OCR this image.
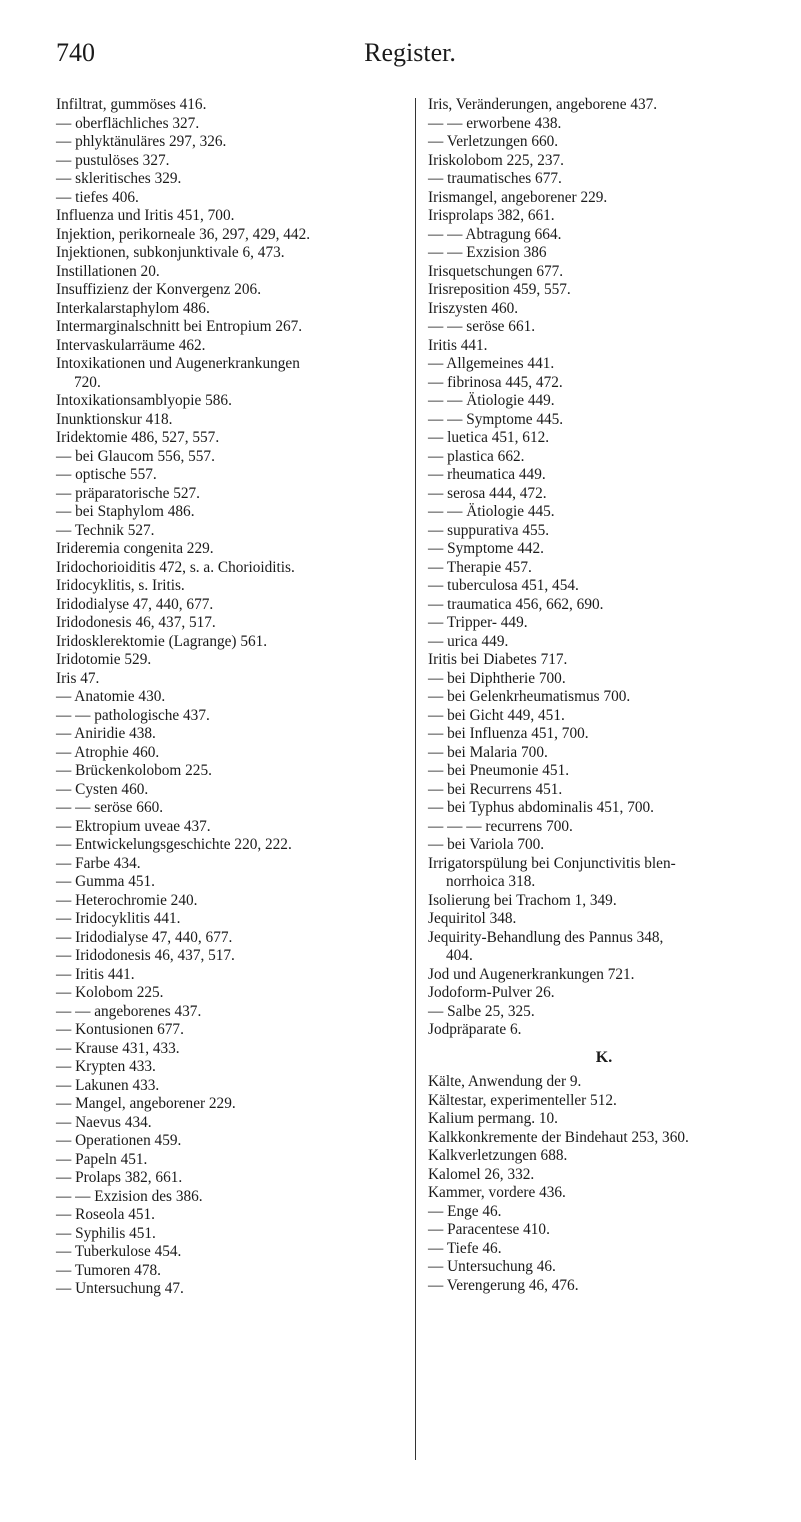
740	Register.
Infiltrat, gummöses 416.
— oberflächliches 327.
— phlyktänuläres 297, 326.
— pustulöses 327.
— skleritisches 329.
— tiefes 406.
Influenza und Iritis 451, 700.
Injektion, perikorneale 36, 297, 429, 442.
Injektionen, subkonjunktivale 6, 473.
Instillationen 20.
Insuffizienz der Konvergenz 206.
Interkalarstaphylom 486.
Intermarginalschnitt bei Entropium 267.
Intervaskularräume 462.
Intoxikationen und Augenerkrankungen
720.
Intoxikationsamblyopie 586.
Inunktionskur 418.
Iridektomie 486, 527, 557.
— bei Glaucom 556, 557.
— optische 557.
— präparatorische 527.
— bei Staphylom 486.
— Technik 527.
Irideremia congenita 229.
Iridochorioiditis 472, s. a. Chorioiditis.
Iridocyklitis, s. Iritis.
Iridodialyse 47, 440, 677.
Iridodonesis 46, 437, 517.
Iridosklerektomie (Lagrange) 561.
Iridotomie 529.
Iris 47.
— Anatomie 430.
— — pathologische 437.
— Aniridie 438.
— Atrophie 460.
— Brückenkolobom 225.
— Cysten 460.
— — seröse 660.
— Ektropium uveae 437.
— Entwickelungsgeschichte 220, 222.
— Farbe 434.
— Gumma 451.
— Heterochromie 240.
— Iridocyklitis 441.
— Iridodialyse 47, 440, 677.
— Iridodonesis 46, 437, 517.
— Iritis 441.
— Kolobom 225.
— — angeborenes 437.
— Kontusionen 677.
— Krause 431, 433.
— Krypten 433.
— Lakunen 433.
— Mangel, angeborener 229.
— Naevus 434.
— Operationen 459.
— Papeln 451.
— Prolaps 382, 661.
— — Exzision des 386.
— Roseola 451.
— Syphilis 451.
— Tuberkulose 454.
— Tumoren 478.
— Untersuchung 47.
Iris, Veränderungen, angeborene 437.
— — erworbene 438.
— Verletzungen 660.
Iriskolobom 225, 237.
— traumatisches 677.
Irismangel, angeborener 229.
Irisprolaps 382, 661.
— — Abtragung 664.
— — Exzision 386
Irisquetschungen 677.
Irisreposition 459, 557.
Iriszysten 460.
— — seröse 661.
Iritis 441.
— Allgemeines 441.
— fibrinosa 445, 472.
— — Ätiologie 449.
— — Symptome 445.
— luetica 451, 612.
— plastica 662.
— rheumatica 449.
— serosa 444, 472.
— — Ätiologie 445.
— suppurativa 455.
— Symptome 442.
— Therapie 457.
— tuberculosa 451, 454.
— traumatica 456, 662, 690.
— Tripper- 449.
— urica 449.
Iritis bei Diabetes 717.
— bei Diphtherie 700.
— bei Gelenkrheumatismus 700.
— bei Gicht 449, 451.
— bei Influenza 451, 700.
— bei Malaria 700.
— bei Pneumonie 451.
— bei Recurrens 451.
— bei Typhus abdominalis 451, 700.
— — — recurrens 700.
— bei Variola 700.
Irrigatorspülung bei Conjunctivitis blen-
norrhoica 318.
Isolierung bei Trachom 1, 349.
Jequiritol 348.
Jequirity-Behandlung des Pannus 348,
404.
Jod und Augenerkrankungen 721.
Jodoform-Pulver 26.
— Salbe 25, 325.
Jodpräparate 6.
K.
Kälte, Anwendung der 9.
Kältestar, experimenteller 512.
Kalium permang. 10.
Kalkkonkremente der Bindehaut 253, 360.
Kalkverletzungen 688.
Kalomel 26, 332.
Kammer, vordere 436.
— Enge 46.
— Paracentese 410.
— Tiefe 46.
— Untersuchung 46.
— Verengerung 46, 476.
